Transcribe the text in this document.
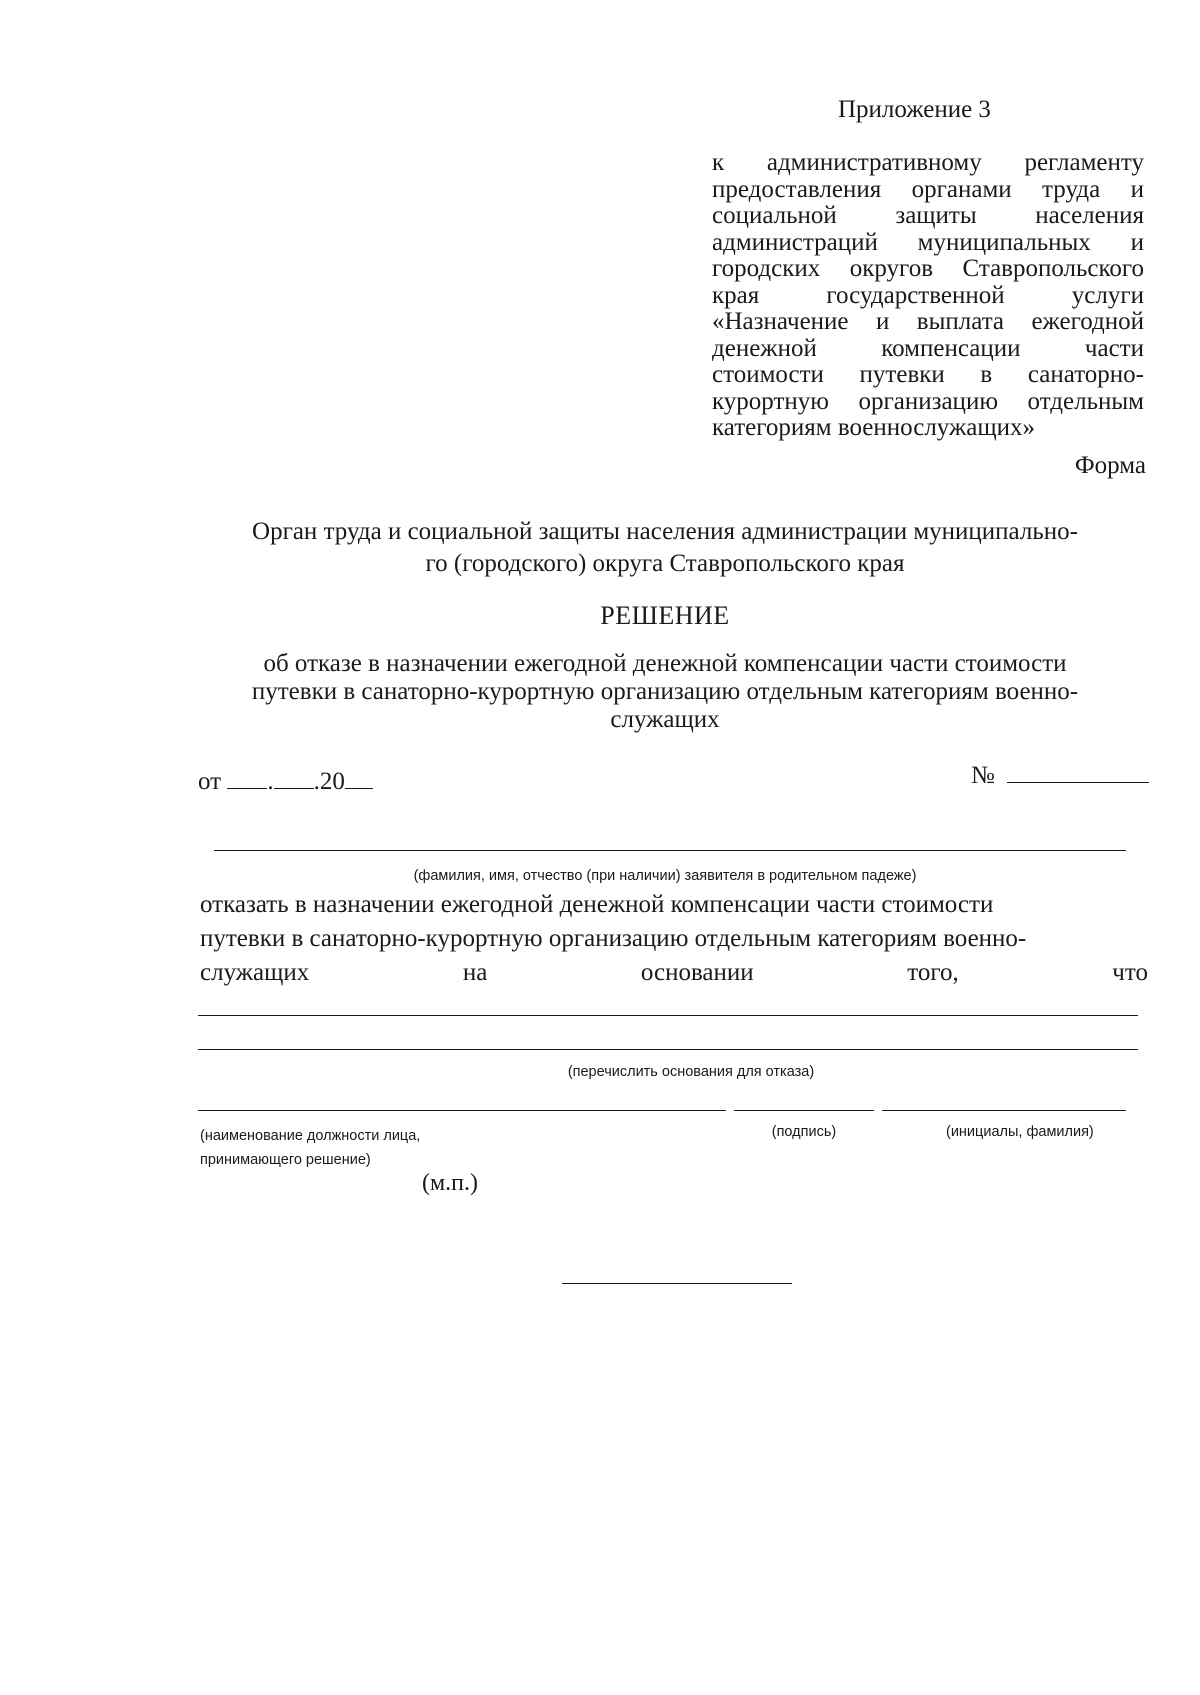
Приложение 3
к административному регламенту предоставления органами труда и социальной защиты населения администраций муниципальных и городских округов Ставропольского края государственной услуги «Назначение и выплата ежегодной денежной компенсации части стоимости путевки в санаторно-курортную организацию отдельным категориям военнослужащих»
Форма
Орган труда и социальной защиты населения администрации муниципально-
го (городского) округа Ставропольского края
РЕШЕНИЕ
об отказе в назначении ежегодной денежной компенсации части стоимости
путевки в санаторно-курортную организацию отдельным категориям военно-
служащих
от . .20	№
(фамилия, имя, отчество (при наличии) заявителя в родительном падеже)
отказать в назначении ежегодной денежной компенсации части стоимости
путевки в санаторно-курортную организацию отдельным категориям военно-
служащих	на	основании	того,	что
(перечислить основания для отказа)
(наименование должности лица,
принимающего решение)
(подпись)	(инициалы, фамилия)
(м.п.)
